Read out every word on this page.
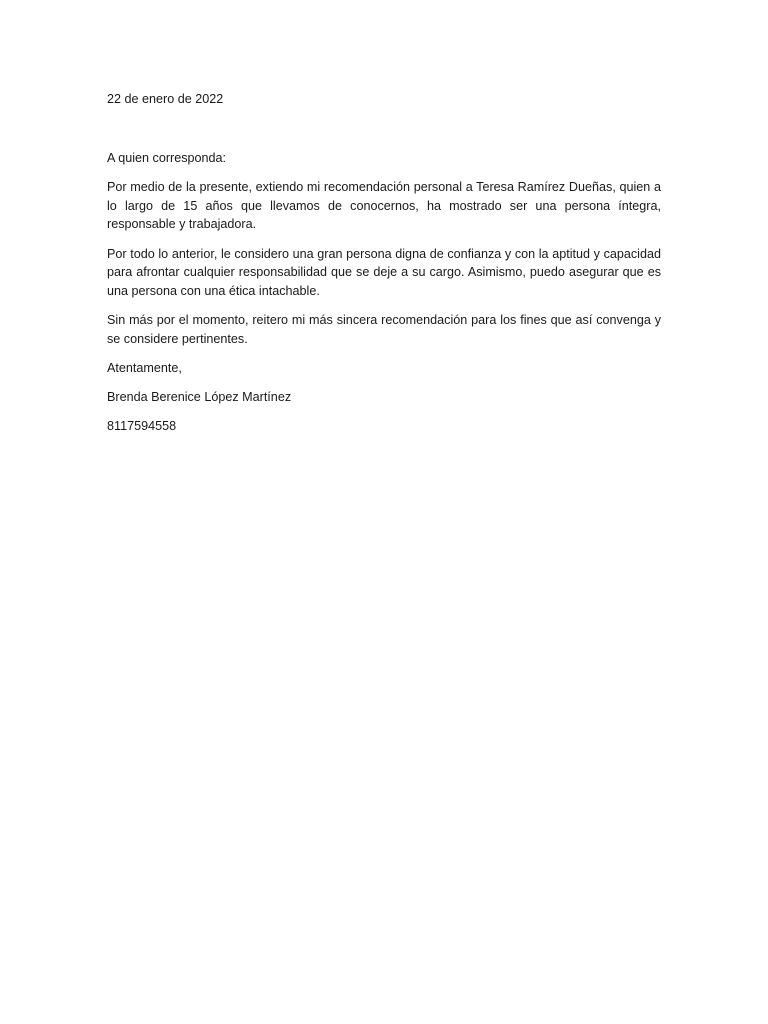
22 de enero de 2022

A quien corresponda:

Por medio de la presente, extiendo mi recomendación personal a Teresa Ramírez Dueñas, quien a lo largo de 15 años que llevamos de conocernos, ha mostrado ser una persona íntegra, responsable y trabajadora.

Por todo lo anterior, le considero una gran persona digna de confianza y con la aptitud y capacidad para afrontar cualquier responsabilidad que se deje a su cargo. Asimismo, puedo asegurar que es una persona con una ética intachable.

Sin más por el momento, reitero mi más sincera recomendación para los fines que así convenga y se considere pertinentes.

Atentamente,

Brenda Berenice López Martínez

8117594558
